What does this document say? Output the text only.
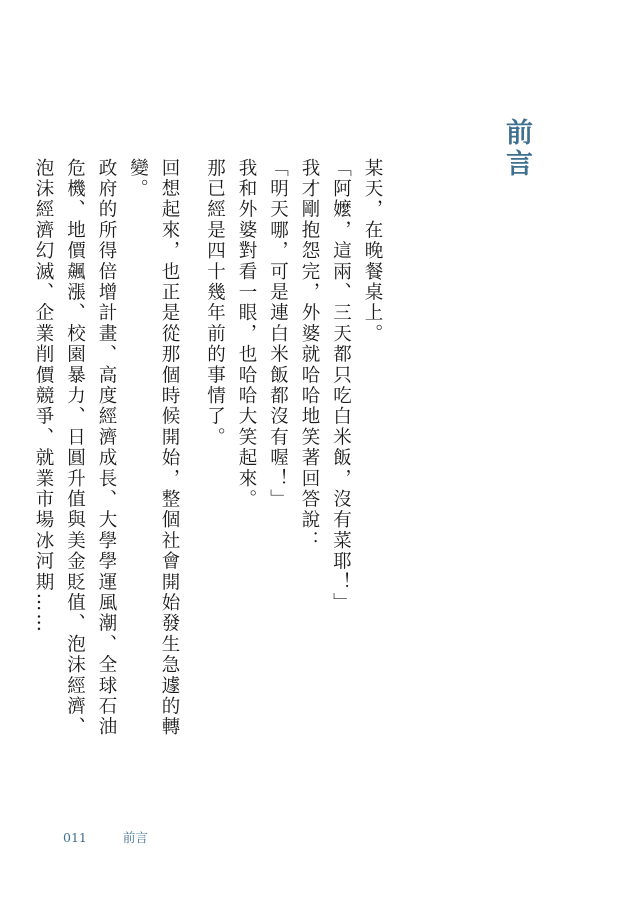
前言

某天，在晚餐桌上。

「阿嬤，這兩、三天都只吃白米飯，沒有菜耶！」

我才剛抱怨完，外婆就哈哈地笑著回答說：

「明天哪，可是連白米飯都沒有喔！」

我和外婆對看一眼，也哈哈大笑起來。

那已經是四十幾年前的事情了。

回想起來，也正是從那個時候開始，整個社會開始發生急遽的轉變。

政府的所得倍增計畫、高度經濟成長、大學學運風潮、全球石油危機、地價飆漲、校園暴力、日圓升值與美金貶值、泡沫經濟、泡沫經濟幻滅、企業削價競爭、就業市場冰河期……

011	前言
